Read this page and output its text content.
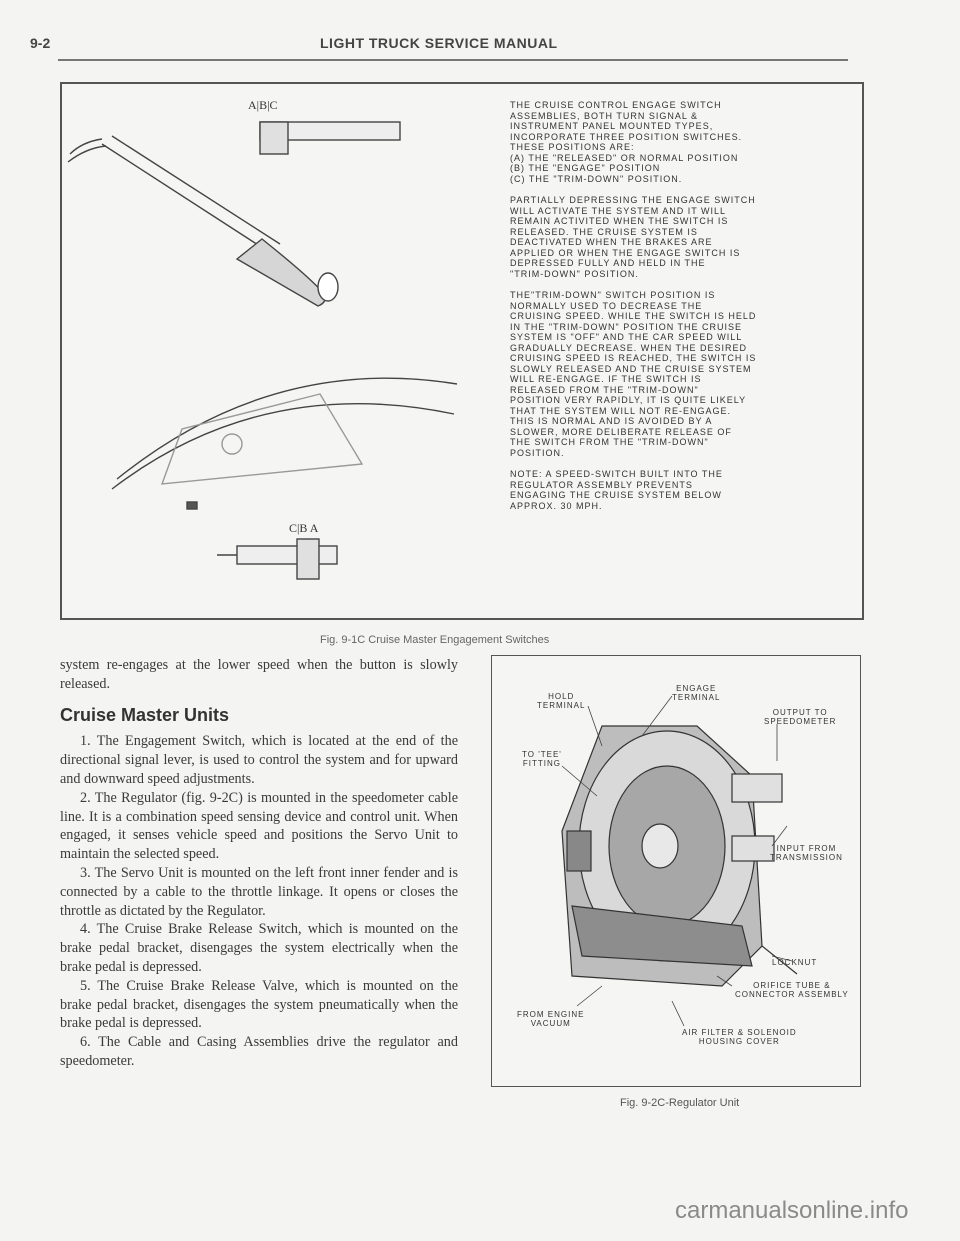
9-2	LIGHT TRUCK SERVICE MANUAL
A|B|C
C|B A

THE CRUISE CONTROL ENGAGE SWITCH
ASSEMBLIES, BOTH TURN SIGNAL &
INSTRUMENT PANEL MOUNTED TYPES,
INCORPORATE THREE POSITION SWITCHES.
THESE POSITIONS ARE:
(A) THE "RELEASED" OR NORMAL POSITION
(B) THE "ENGAGE" POSITION
(C) THE "TRIM-DOWN" POSITION.

PARTIALLY DEPRESSING THE ENGAGE SWITCH
WILL ACTIVATE THE SYSTEM AND IT WILL
REMAIN ACTIVITED WHEN THE SWITCH IS
RELEASED. THE CRUISE SYSTEM IS
DEACTIVATED WHEN THE BRAKES ARE
APPLIED OR WHEN THE ENGAGE SWITCH IS
DEPRESSED FULLY AND HELD IN THE
"TRIM-DOWN" POSITION.

THE"TRIM-DOWN" SWITCH POSITION IS
NORMALLY USED TO DECREASE THE
CRUISING SPEED. WHILE THE SWITCH IS HELD
IN THE "TRIM-DOWN" POSITION THE CRUISE
SYSTEM IS "OFF" AND THE CAR SPEED WILL
GRADUALLY DECREASE. WHEN THE DESIRED
CRUISING SPEED IS REACHED, THE SWITCH IS
SLOWLY RELEASED AND THE CRUISE SYSTEM
WILL RE-ENGAGE. IF THE SWITCH IS
RELEASED FROM THE "TRIM-DOWN"
POSITION VERY RAPIDLY, IT IS QUITE LIKELY
THAT THE SYSTEM WILL NOT RE-ENGAGE.
THIS IS NORMAL AND IS AVOIDED BY A
SLOWER, MORE DELIBERATE RELEASE OF
THE SWITCH FROM THE "TRIM-DOWN"
POSITION.

NOTE: A SPEED-SWITCH BUILT INTO THE
REGULATOR ASSEMBLY PREVENTS
ENGAGING THE CRUISE SYSTEM BELOW
APPROX. 30 MPH.

Fig. 9-1C Cruise Master Engagement Switches

system re-engages at the lower speed when the button is slowly released.

Cruise Master Units

1. The Engagement Switch, which is located at the end of the directional signal lever, is used to control the system and for upward and downward speed adjustments.

2. The Regulator (fig. 9-2C) is mounted in the speedometer cable line. It is a combination speed sensing device and control unit. When engaged, it senses vehicle speed and positions the Servo Unit to maintain the selected speed.

3. The Servo Unit is mounted on the left front inner fender and is connected by a cable to the throttle linkage. It opens or closes the throttle as dictated by the Regulator.

4. The Cruise Brake Release Switch, which is mounted on the brake pedal bracket, disengages the system electrically when the brake pedal is depressed.

5. The Cruise Brake Release Valve, which is mounted on the brake pedal bracket, disengages the system pneumatically when the brake pedal is depressed.

6. The Cable and Casing Assemblies drive the regulator and speedometer.

HOLD
TERMINAL
ENGAGE
TERMINAL
OUTPUT TO
SPEEDOMETER
TO 'TEE'
FITTING
INPUT FROM
TRANSMISSION
LOCKNUT
ORIFICE TUBE &
CONNECTOR ASSEMBLY
FROM ENGINE
VACUUM
AIR FILTER & SOLENOID
HOUSING COVER
Fig. 9-2C-Regulator Unit
carmanualsonline.info
